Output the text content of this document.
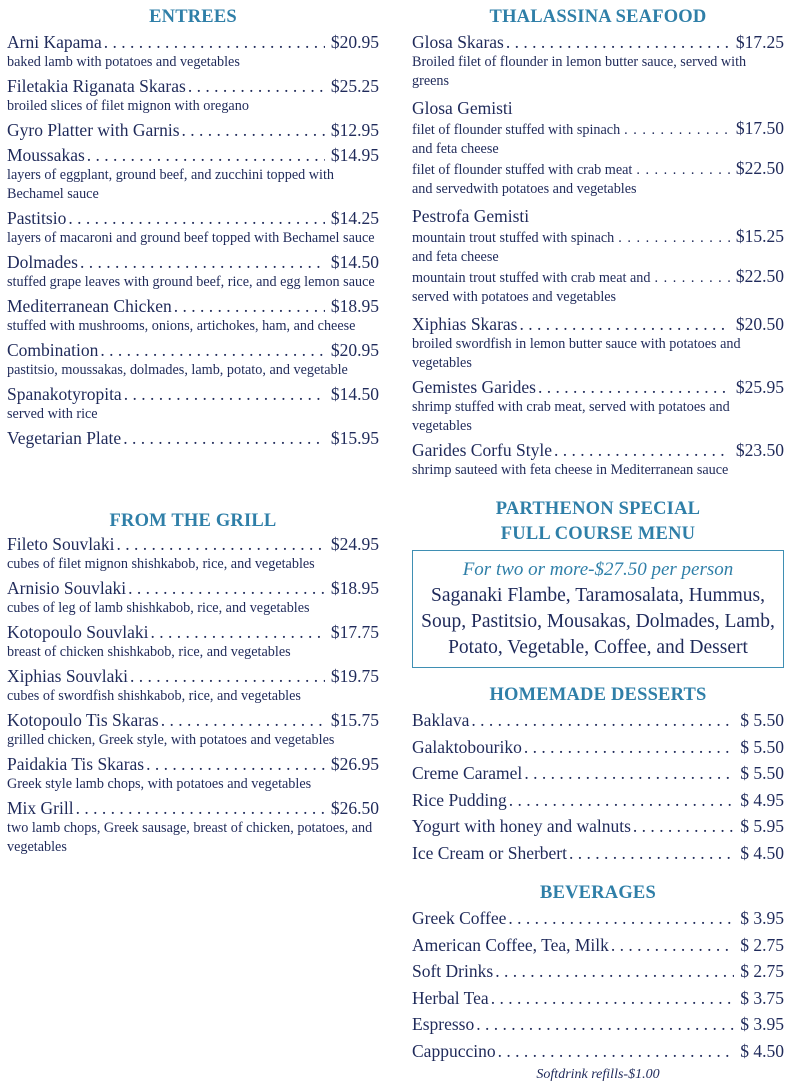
ENTREES
Arni Kapama . . .	$20.95
baked lamb with potatoes and vegetables
Filetakia Riganata Skaras . . .	$25.25
broiled slices of filet mignon with oregano
Gyro Platter with Garnis . . .	$12.95
Moussakas . . .	$14.95
layers of eggplant, ground beef, and zucchini topped with Bechamel sauce
Pastitsio . . .	$14.25
layers of macaroni and ground beef topped with Bechamel sauce
Dolmades . . .	$14.50
stuffed grape leaves with ground beef, rice, and egg lemon sauce
Mediterranean Chicken . . .	$18.95
stuffed with mushrooms, onions, artichokes, ham, and cheese
Combination . . .	$20.95
pastitsio, moussakas, dolmades, lamb, potato, and vegetable
Spanakotyropita . . .	$14.50
served with rice
Vegetarian Plate . . .	$15.95
FROM THE GRILL
Fileto Souvlaki . . .	$24.95
cubes of filet mignon shishkabob, rice, and vegetables
Arnisio Souvlaki . . .	$18.95
cubes of leg of lamb shishkabob, rice, and vegetables
Kotopoulo Souvlaki . . .	$17.75
breast of chicken shishkabob, rice, and vegetables
Xiphias Souvlaki . . .	$19.75
cubes of swordfish shishkabob, rice, and vegetables
Kotopoulo Tis Skaras . . .	$15.75
grilled chicken, Greek style, with potatoes and vegetables
Paidakia Tis Skaras . . .	$26.95
Greek style lamb chops, with potatoes and vegetables
Mix Grill . . .	$26.50
two lamb chops, Greek sausage, breast of chicken, potatoes, and vegetables
THALASSINA SEAFOOD
Glosa Skaras . . .	$17.25
Broiled filet of flounder in lemon butter sauce, served with greens
Glosa Gemisti
filet of flounder stuffed with spinach . . .	$17.50
and feta cheese
filet of flounder stuffed with crab meat . . .	$22.50
and servedwith potatoes and vegetables
Pestrofa Gemisti
mountain trout stuffed with spinach . . .	$15.25
and feta cheese
mountain trout stuffed with crab meat and . . .	$22.50
served with potatoes and vegetables
Xiphias Skaras . . .	$20.50
broiled swordfish in lemon butter sauce with potatoes and vegetables
Gemistes Garides . . .	$25.95
shrimp stuffed with crab meat, served with potatoes and vegetables
Garides Corfu Style . . .	$23.50
shrimp sauteed with feta cheese in Mediterranean sauce
PARTHENON SPECIAL
FULL COURSE MENU
For two or more-$27.50 per person
Saganaki Flambe, Taramosalata, Hummus, Soup, Pastitsio, Mousakas, Dolmades, Lamb, Potato, Vegetable, Coffee, and Dessert
HOMEMADE DESSERTS
Baklava . . .	$ 5.50
Galaktobouriko . . .	$ 5.50
Creme Caramel . . .	$ 5.50
Rice Pudding . . .	$ 4.95
Yogurt with honey and walnuts . . .	$ 5.95
Ice Cream or Sherbert . . .	$ 4.50
BEVERAGES
Greek Coffee . . .	$ 3.95
American Coffee, Tea, Milk . . .	$ 2.75
Soft Drinks . . .	$ 2.75
Herbal Tea . . .	$ 3.75
Espresso . . .	$ 3.95
Cappuccino . . .	$ 4.50
Softdrink refills-$1.00
